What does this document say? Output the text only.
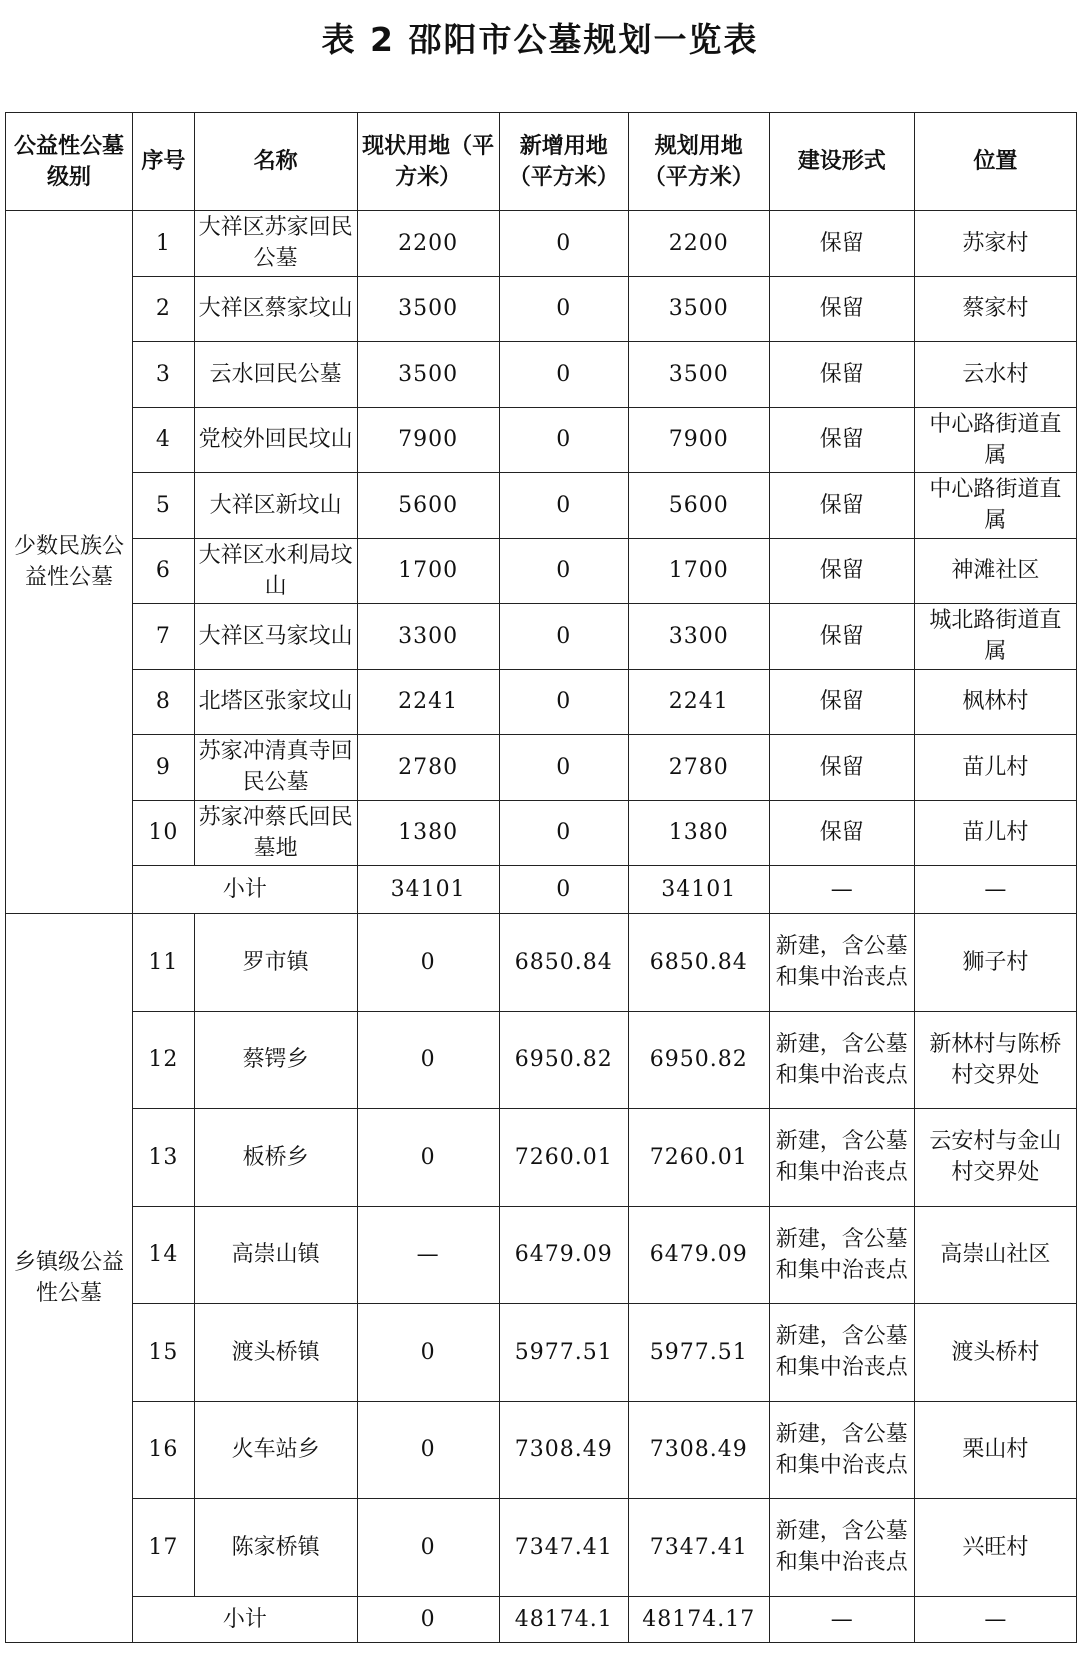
表 2 邵阳市公墓规划一览表
公益性公墓级别	序号	名称	现状用地（平方米）	新增用地（平方米）	规划用地（平方米）	建设形式	位置
少数民族公益性公墓	1	大祥区苏家回民公墓	2200	0	2200	保留	苏家村
	2	大祥区蔡家坟山	3500	0	3500	保留	蔡家村
	3	云水回民公墓	3500	0	3500	保留	云水村
	4	党校外回民坟山	7900	0	7900	保留	中心路街道直属
	5	大祥区新坟山	5600	0	5600	保留	中心路街道直属
	6	大祥区水利局坟山	1700	0	1700	保留	神滩社区
	7	大祥区马家坟山	3300	0	3300	保留	城北路街道直属
	8	北塔区张家坟山	2241	0	2241	保留	枫林村
	9	苏家冲清真寺回民公墓	2780	0	2780	保留	苗儿村
	10	苏家冲蔡氏回民墓地	1380	0	1380	保留	苗儿村
	小计		34101	0	34101	—	—
乡镇级公益性公墓	11	罗市镇	0	6850.84	6850.84	新建，含公墓和集中治丧点	狮子村
	12	蔡锷乡	0	6950.82	6950.82	新建，含公墓和集中治丧点	新林村与陈桥村交界处
	13	板桥乡	0	7260.01	7260.01	新建，含公墓和集中治丧点	云安村与金山村交界处
	14	高崇山镇	—	6479.09	6479.09	新建，含公墓和集中治丧点	高崇山社区
	15	渡头桥镇	0	5977.51	5977.51	新建，含公墓和集中治丧点	渡头桥村
	16	火车站乡	0	7308.49	7308.49	新建，含公墓和集中治丧点	栗山村
	17	陈家桥镇	0	7347.41	7347.41	新建，含公墓和集中治丧点	兴旺村
	小计		0	48174.1	48174.17	—	—
